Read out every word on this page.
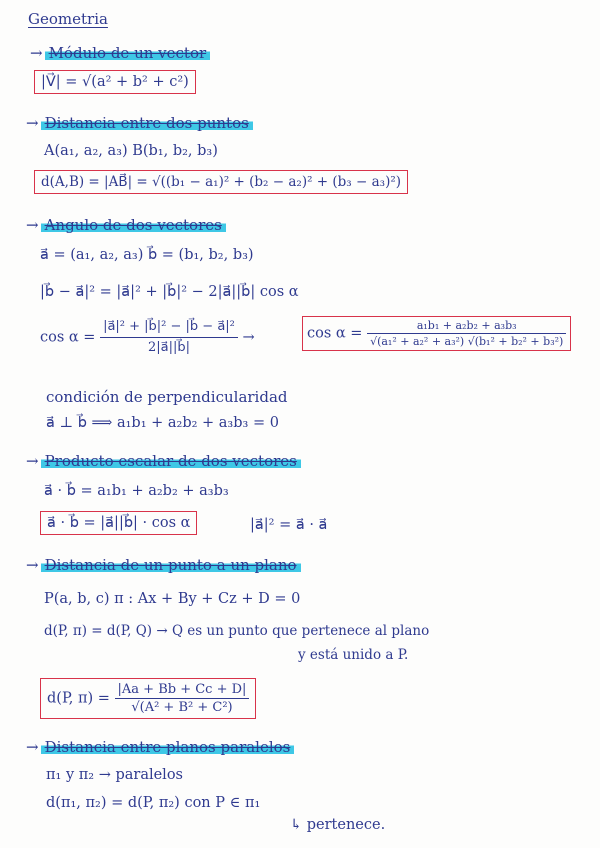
Geometria
→ Módulo de un vector
|V⃗| = √(a² + b² + c²)
→ Distancia entre dos puntos
A(a₁, a₂, a₃) B(b₁, b₂, b₃)
d(A,B) = |AB⃗| = √((b₁ − a₁)² + (b₂ − a₂)² + (b₃ − a₃)²)
→ Angulo de dos vectores
a⃗ = (a₁, a₂, a₃) b⃗ = (b₁, b₂, b₃)
|b⃗ − a⃗|² = |a⃗|² + |b⃗|² − 2|a⃗||b⃗| cos α
$\cos \alpha = \frac{\text{|a⃗|² + |b⃗|² − |b⃗ − a⃗|²}}{2|a⃗||b⃗|}$ →	$\cos \alpha = \frac{\text{a₁b₁ + a₂b₂ + a₃b₃}}{\text{√(a₁² + a₂² + a₃²) √(b₁² + b₂² + b₃²)}}$
condición de perpendicularidad
a⃗ ⊥ b⃗ ⟹ a₁b₁ + a₂b₂ + a₃b₃ = 0
→ Producto escalar de dos vectores
a⃗ · b⃗ = a₁b₁ + a₂b₂ + a₃b₃
a⃗ · b⃗ = |a⃗||b⃗| · cos α	|a⃗|² = a⃗ · a⃗
→ Distancia de un punto a un plano
P(a, b, c) π : Ax + By + Cz + D = 0
d(P, π) = d(P, Q) → Q es un punto que pertenece al plano
y está unido a P.
d(P, $\pi) = \frac{|Aa + Bb + Cc + D|}{\text{√(A² + B² + C²)}}$
→ Distancia entre planos paralelos
π₁ y π₂ → paralelos
d(π₁, π₂) = d(P, π₂) con P ∈ π₁
↳ pertenece.
